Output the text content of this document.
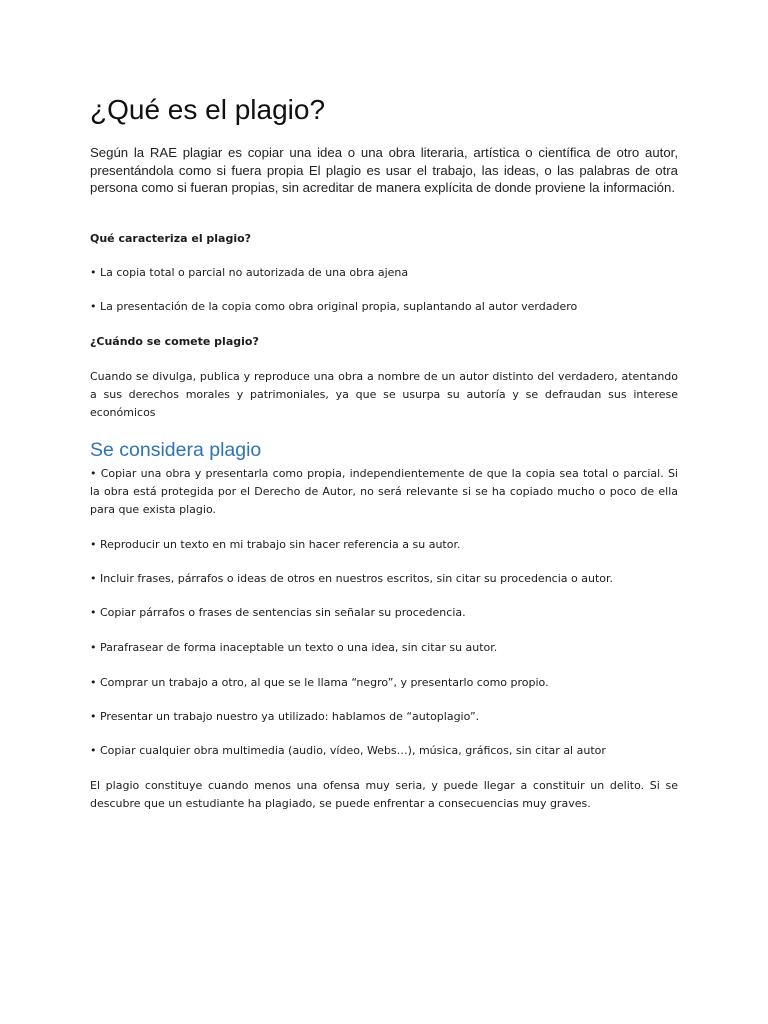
¿Qué es el plagio?

Según la RAE plagiar es copiar una idea o una obra literaria, artística o científica de otro autor, presentándola como si fuera propia El plagio es usar el trabajo, las ideas, o las palabras de otra persona como si fueran propias, sin acreditar de manera explícita de donde proviene la información.

Qué caracteriza el plagio?

• La copia total o parcial no autorizada de una obra ajena

• La presentación de la copia como obra original propia, suplantando al autor verdadero

¿Cuándo se comete plagio?

Cuando se divulga, publica y reproduce una obra a nombre de un autor distinto del verdadero, atentando a sus derechos morales y patrimoniales, ya que se usurpa su autoría y se defraudan sus interese económicos

Se considera plagio

• Copiar una obra y presentarla como propia, independientemente de que la copia sea total o parcial. Si la obra está protegida por el Derecho de Autor, no será relevante si se ha copiado mucho o poco de ella para que exista plagio.

• Reproducir un texto en mi trabajo sin hacer referencia a su autor.

• Incluir frases, párrafos o ideas de otros en nuestros escritos, sin citar su procedencia o autor.

• Copiar párrafos o frases de sentencias sin señalar su procedencia.

• Parafrasear de forma inaceptable un texto o una idea, sin citar su autor.

• Comprar un trabajo a otro, al que se le llama “negro”, y presentarlo como propio.

• Presentar un trabajo nuestro ya utilizado: hablamos de “autoplagio”.

• Copiar cualquier obra multimedia (audio, vídeo, Webs…), música, gráficos, sin citar al autor

El plagio constituye cuando menos una ofensa muy seria, y puede llegar a constituir un delito. Si se descubre que un estudiante ha plagiado, se puede enfrentar a consecuencias muy graves.
